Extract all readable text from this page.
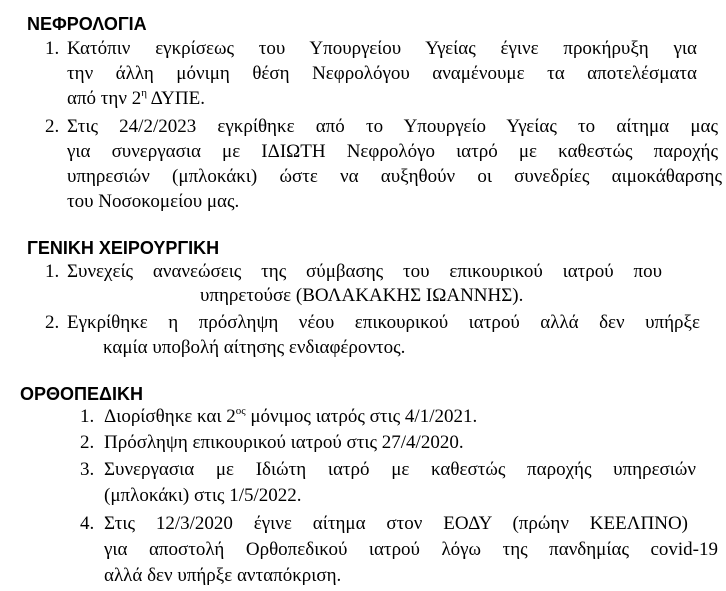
ΝΕΦΡΟΛΟΓΙΑ
1. Κατόπιν εγκρίσεως του Υπουργείου Υγείας έγινε προκήρυξη για
την άλλη μόνιμη θέση Νεφρολόγου αναμένουμε τα αποτελέσματα
από την $2^\eta$ ΔΥΠΕ.
2. Στις 24/2/2023 εγκρίθηκε από το Υπουργείο Υγείας το αίτημα μας
για συνεργασια με ΙΔΙΩΤΗ Νεφρολόγο ιατρό με καθεστώς παροχής
υπηρεσιών (μπλοκάκι) ώστε να αυξηθούν οι συνεδρίες αιμοκάθαρσης
του Νοσοκομείου μας.
ΓΕΝΙΚΗ ΧΕΙΡΟΥΡΓΙΚΗ
1. Συνεχείς ανανεώσεις της σύμβασης του επικουρικού ιατρού που
υπηρετούσε (ΒΟΛΑΚΑΚΗΣ ΙΩΑΝΝΗΣ).
2. Εγκρίθηκε η πρόσληψη νέου επικουρικού ιατρού αλλά δεν υπήρξε
καμία υποβολή αίτησης ενδιαφέροντος.
ΟΡΘΟΠΕΔΙΚΗ
1. Διορίσθηκε και $2^{o\varsigma}$ μόνιμος ιατρός στις 4/1/2021.
2. Πρόσληψη επικουρικού ιατρού στις 27/4/2020.
3. Συνεργασια με Ιδιώτη ιατρό με καθεστώς παροχής υπηρεσιών
(μπλοκάκι) στις 1/5/2022.
4. Στις 12/3/2020 έγινε αίτημα στον ΕΟΔΥ (πρώην ΚΕΕΛΠΝΟ)
για αποστολή Ορθοπεδικού ιατρού λόγω της πανδημίας covid-19
αλλά δεν υπήρξε ανταπόκριση.
